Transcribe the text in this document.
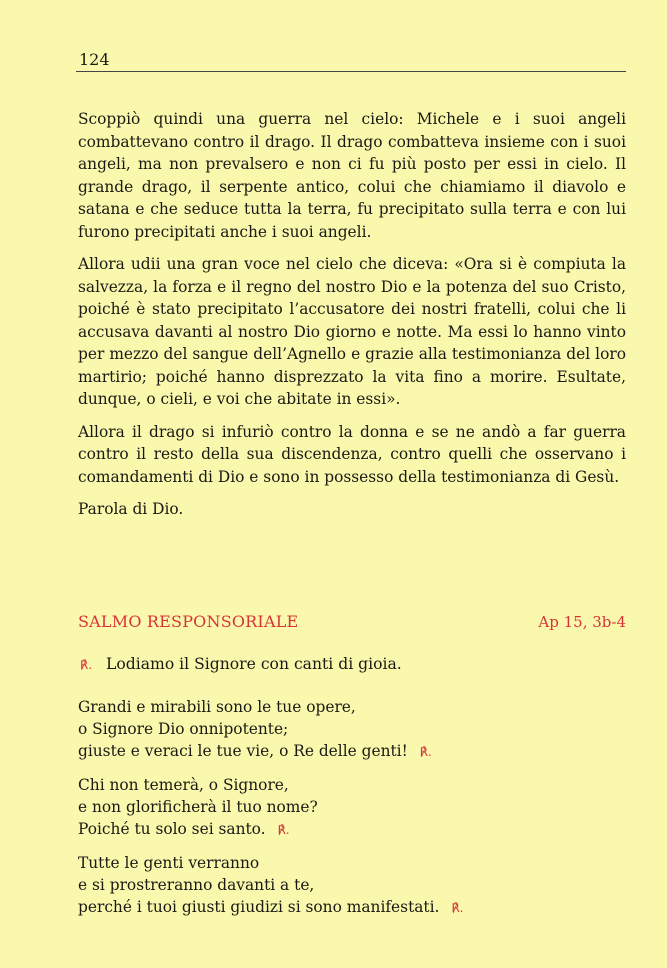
124

Scoppiò quindi una guerra nel cielo: Michele e i suoi angeli combattevano contro il drago. Il drago combatteva insieme con i suoi angeli, ma non prevalsero e non ci fu più posto per essi in cielo. Il grande drago, il serpente antico, colui che chiamiamo il diavolo e satana e che seduce tutta la terra, fu precipitato sulla terra e con lui furono precipitati anche i suoi angeli.

Allora udii una gran voce nel cielo che diceva: «Ora si è compiuta la salvezza, la forza e il regno del nostro Dio e la potenza del suo Cristo, poiché è stato precipitato l’accusatore dei nostri fratelli, colui che li accusava davanti al nostro Dio giorno e notte. Ma essi lo hanno vinto per mezzo del sangue dell’Agnello e grazie alla testimonianza del loro martirio; poiché hanno disprezzato la vita fino a morire. Esultate, dunque, o cieli, e voi che abitate in essi».

Allora il drago si infuriò contro la donna e se ne andò a far guerra contro il resto della sua discendenza, contro quelli che osservano i comandamenti di Dio e sono in possesso della testimonianza di Gesù.

Parola di Dio.

SALMO RESPONSORIALE	Ap 15, 3b-4
℟. Lodiamo il Signore con canti di gioia.
Grandi e mirabili sono le tue opere,
o Signore Dio onnipotente;
giuste e veraci le tue vie, o Re delle genti! ℟.
Chi non temerà, o Signore,
e non glorificherà il tuo nome?
Poiché tu solo sei santo. ℟.
Tutte le genti verranno
e si prostreranno davanti a te,
perché i tuoi giusti giudizi si sono manifestati. ℟.
